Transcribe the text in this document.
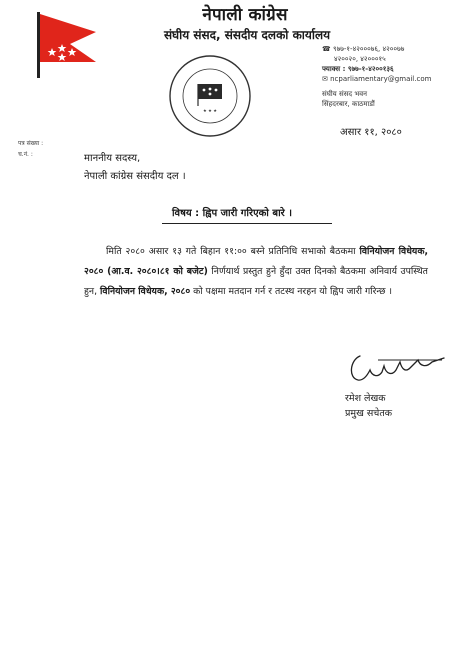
नेपाली कांग्रेस
संघीय संसद, संसदीय दलको कार्यालय
★ ★ ★
☎ ९७७-१-४२०००७६, ४२००७७
४२००२०, ४२०००१५
फ्याक्स : ९७७-१-४२००१३६
✉ ncparliamentary@gmail.com
संघीय संसद भवन
सिंहदरबार, काठमाडौं
असार ११, २०८०
पत्र संख्या :
च.नं. :	माननीय सदस्य,
नेपाली कांग्रेस संसदीय दल ।
विषय : ह्विप जारी गरिएको बारे ।

मिति २०८० असार १३ गते बिहान ११:०० बस्ने प्रतिनिधि सभाको बैठकमा विनियोजन विधेयक, २०८० (आ.व. २०८०।८१ को बजेट) निर्णयार्थ प्रस्तुत हुने हुँदा उक्त दिनको बैठकमा अनिवार्य उपस्थित हुन, विनियोजन विधेयक, २०८० को पक्षमा मतदान गर्न र तटस्थ नरहन यो ह्विप जारी गरिन्छ ।

रमेश लेखक
प्रमुख सचेतक
